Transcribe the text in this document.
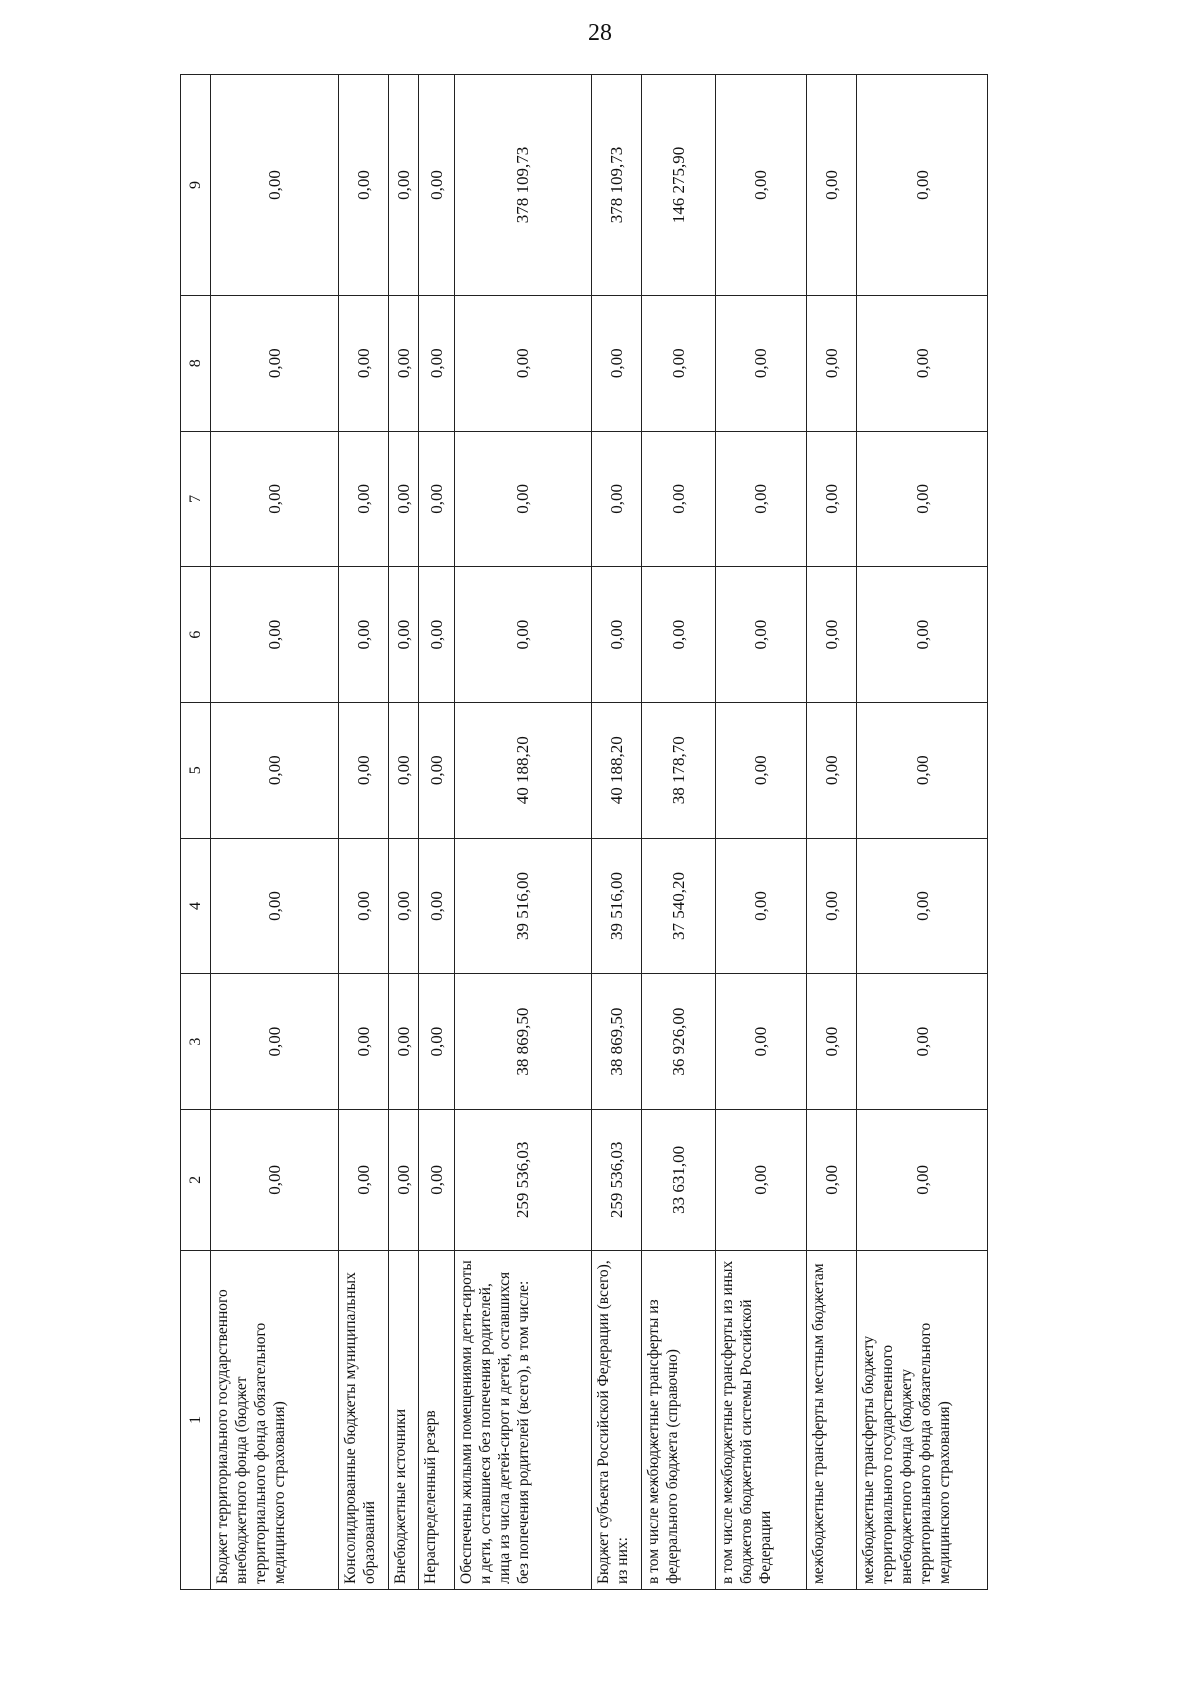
28
1	2	3	4	5	6	7	8	9
Бюджет территориального государственного внебюджетного фонда (бюджет территориального фонда обязательного медицинского страхования)	0,00	0,00	0,00	0,00	0,00	0,00	0,00	0,00
Консолидированные бюджеты муниципальных образований	0,00	0,00	0,00	0,00	0,00	0,00	0,00	0,00
Внебюджетные источники	0,00	0,00	0,00	0,00	0,00	0,00	0,00	0,00
Нераспределенный резерв	0,00	0,00	0,00	0,00	0,00	0,00	0,00	0,00
Обеспечены жилыми помещениями дети-сироты и дети, оставшиеся без попечения родителей, лица из числа детей-сирот и детей, оставшихся без попечения родителей (всего), в том числе:	259 536,03	38 869,50	39 516,00	40 188,20	0,00	0,00	0,00	378 109,73
Бюджет субъекта Российской Федерации (всего), из них:	259 536,03	38 869,50	39 516,00	40 188,20	0,00	0,00	0,00	378 109,73
в том числе межбюджетные трансферты из федерального бюджета (справочно)	33 631,00	36 926,00	37 540,20	38 178,70	0,00	0,00	0,00	146 275,90
в том числе межбюджетные трансферты из иных бюджетов бюджетной системы Российской Федерации	0,00	0,00	0,00	0,00	0,00	0,00	0,00	0,00
межбюджетные трансферты местным бюджетам	0,00	0,00	0,00	0,00	0,00	0,00	0,00	0,00
межбюджетные трансферты бюджету территориального государственного внебюджетного фонда (бюджету территориального фонда обязательного медицинского страхования)	0,00	0,00	0,00	0,00	0,00	0,00	0,00	0,00
